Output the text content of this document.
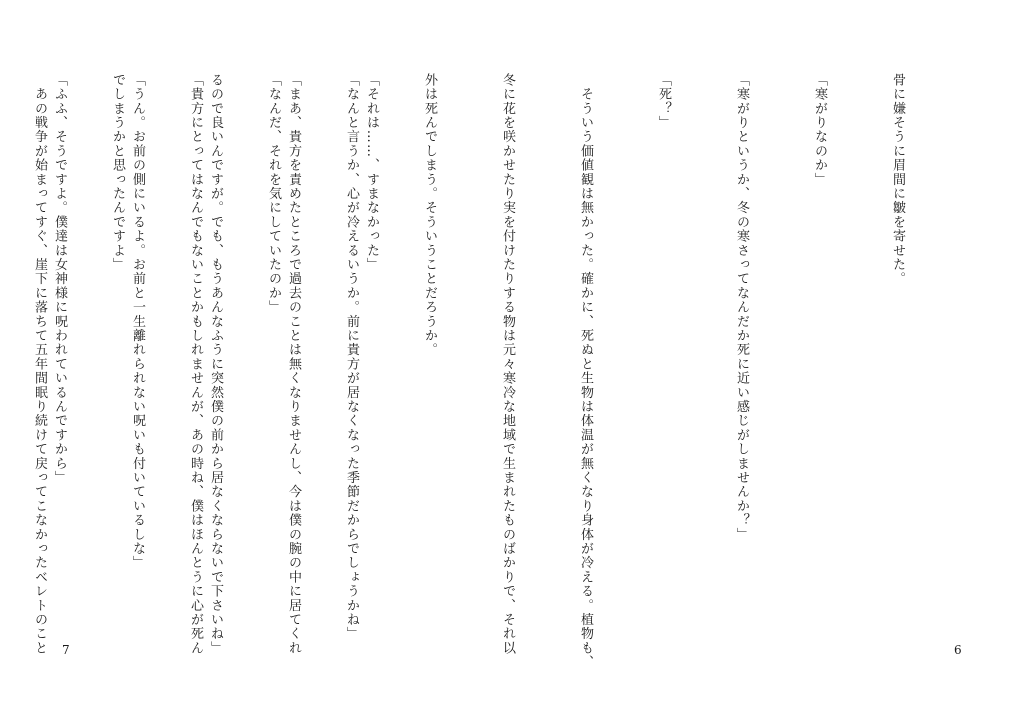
「それは……、すまなかった」

「まあ、貴方を責めたところで過去のことは無くなりませんし、今は僕の腕の中に居てくれ

るので良いんですが。でも、もうあんなふうに突然僕の前から居なくならないで下さいね」

「うん。お前の側にいるよ。お前と一生離れられない呪いも付いているしな」

「ふふ、そうですよ。僕達は女神様に呪われているんですから」

7

骨に嫌そうに眉間に皺を寄せた。

「寒がりなのか」

「寒がりというか、冬の寒さってなんだか死に近い感じがしませんか？」

「死？」

　そういう価値観は無かった。確かに、死ぬと生物は体温が無くなり身体が冷える。植物も、

冬に花を咲かせたり実を付けたりする物は元々寒冷な地域で生まれたものばかりで、それ以

外は死んでしまう。そういうことだろうか。

「なんと言うか、心が冷えるいうか。前に貴方が居なくなった季節だからでしょうかね」

「なんだ、それを気にしていたのか」

「貴方にとってはなんでもないことかもしれませんが、あの時ね、僕はほんとうに心が死ん

でしまうかと思ったんですよ」

　あの戦争が始まってすぐ、崖下に落ちて五年間眠り続けて戻ってこなかったベレトのこと

	6
